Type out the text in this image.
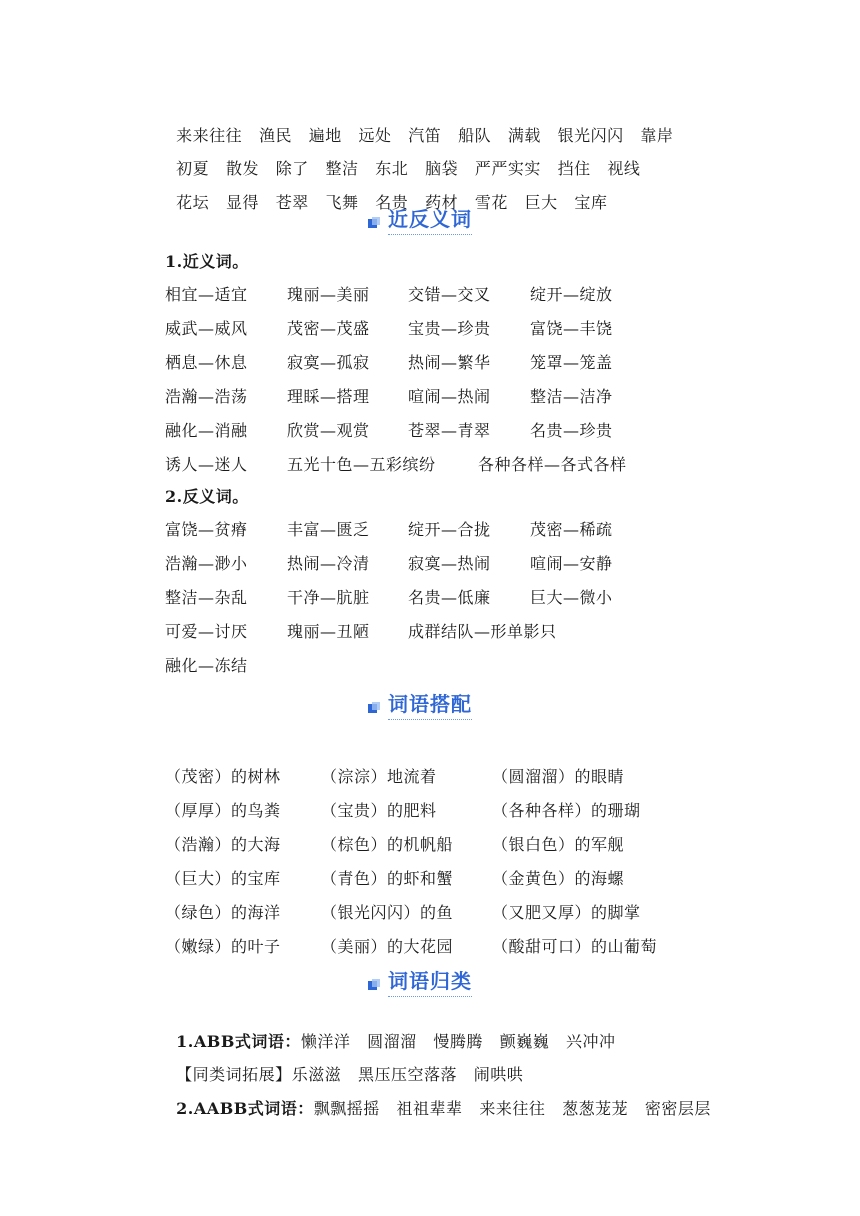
来来往往 渔民 遍地 远处 汽笛 船队 满载 银光闪闪 靠岸

初夏 散发 除了 整洁 东北 脑袋 严严实实 挡住 视线

花坛 显得 苍翠 飞舞 名贵 药材 雪花 巨大 宝库

近反义词
1.近义词。
相宜—适宜 瑰丽—美丽 交错—交叉 绽开—绽放
威武—威风 茂密—茂盛 宝贵—珍贵 富饶—丰饶
栖息—休息 寂寞—孤寂 热闹—繁华 笼罩—笼盖
浩瀚—浩荡 理睬—搭理 喧闹—热闹 整洁—洁净
融化—消融 欣赏—观赏 苍翠—青翠 名贵—珍贵
诱人—迷人 五光十色—五彩缤纷	各种各样—各式各样
2.反义词。
富饶—贫瘠 丰富—匮乏 绽开—合拢 茂密—稀疏
浩瀚—渺小 热闹—冷清 寂寞—热闹 喧闹—安静
整洁—杂乱 干净—肮脏 名贵—低廉 巨大—微小
可爱—讨厌 瑰丽—丑陋 成群结队—形单影只
融化—冻结
词语搭配
（茂密）的树林	（淙淙）地流着	（圆溜溜）的眼睛
（厚厚）的鸟粪	（宝贵）的肥料	（各种各样）的珊瑚
（浩瀚）的大海	（棕色）的机帆船 （银白色）的军舰
（巨大）的宝库	（青色）的虾和蟹 （金黄色）的海螺
（绿色）的海洋	（银光闪闪）的鱼 （又肥又厚）的脚掌
（嫩绿）的叶子	（美丽）的大花园 （酸甜可口）的山葡萄
词语归类

1.ABB式词语：懒洋洋 圆溜溜 慢腾腾 颤巍巍 兴冲冲

【同类词拓展】乐滋滋 黑压压空落落 闹哄哄

2.AABB式词语：飘飘摇摇 祖祖辈辈 来来往往 葱葱茏茏 密密层层
